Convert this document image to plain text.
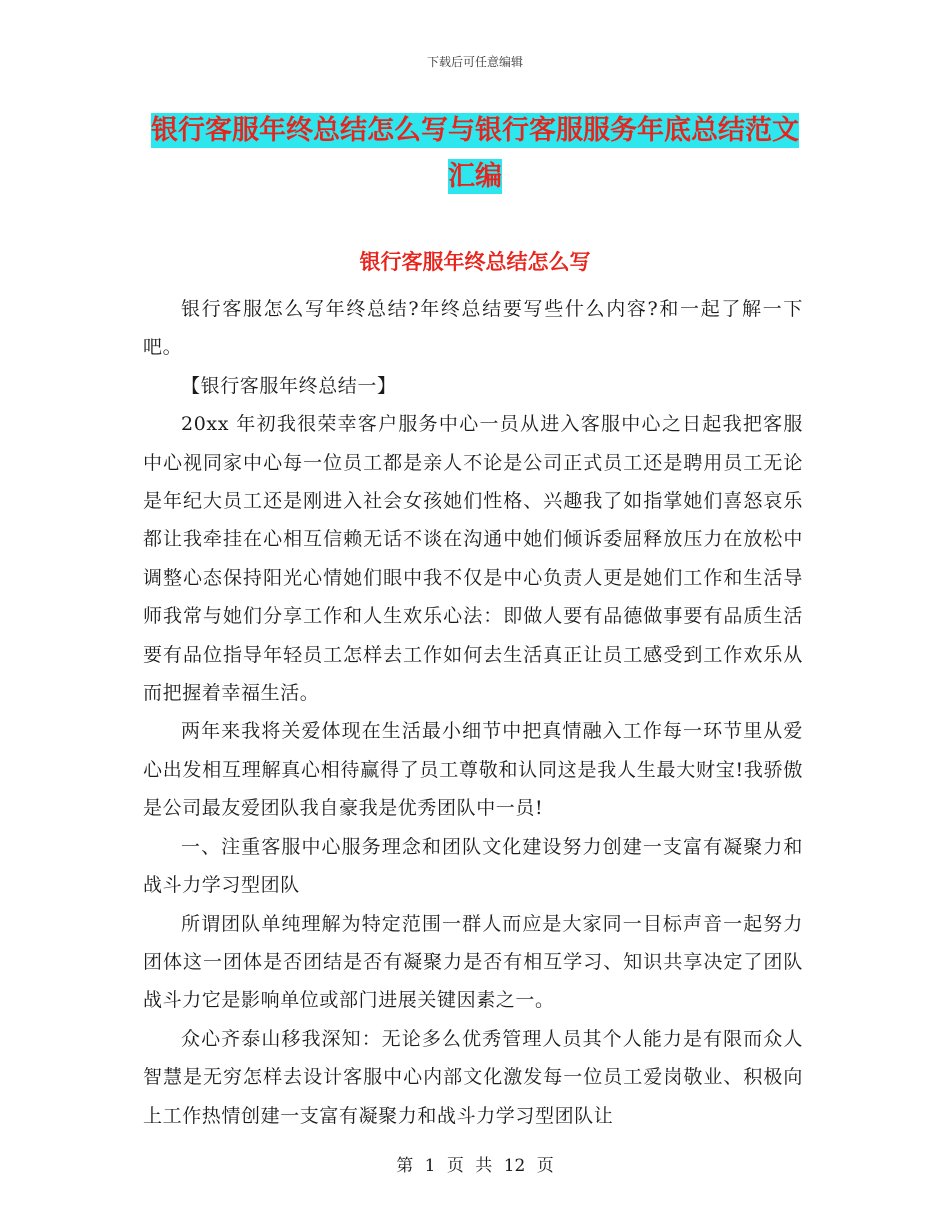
下载后可任意编辑
银行客服年终总结怎么写与银行客服服务年底总结范文汇编
银行客服年终总结怎么写

银行客服怎么写年终总结?年终总结要写些什么内容?和一起了解一下吧。

【银行客服年终总结一】

20xx 年初我很荣幸客户服务中心一员从进入客服中心之日起我把客服中心视同家中心每一位员工都是亲人不论是公司正式员工还是聘用员工无论是年纪大员工还是刚进入社会女孩她们性格、兴趣我了如指掌她们喜怒哀乐都让我牵挂在心相互信赖无话不谈在沟通中她们倾诉委屈释放压力在放松中调整心态保持阳光心情她们眼中我不仅是中心负责人更是她们工作和生活导师我常与她们分享工作和人生欢乐心法：即做人要有品德做事要有品质生活要有品位指导年轻员工怎样去工作如何去生活真正让员工感受到工作欢乐从而把握着幸福生活。

两年来我将关爱体现在生活最小细节中把真情融入工作每一环节里从爱心出发相互理解真心相待赢得了员工尊敬和认同这是我人生最大财宝!我骄傲是公司最友爱团队我自豪我是优秀团队中一员!

一、注重客服中心服务理念和团队文化建设努力创建一支富有凝聚力和战斗力学习型团队

所谓团队单纯理解为特定范围一群人而应是大家同一目标声音一起努力团体这一团体是否团结是否有凝聚力是否有相互学习、知识共享决定了团队战斗力它是影响单位或部门进展关键因素之一。

众心齐泰山移我深知：无论多么优秀管理人员其个人能力是有限而众人智慧是无穷怎样去设计客服中心内部文化激发每一位员工爱岗敬业、积极向上工作热情创建一支富有凝聚力和战斗力学习型团队让

第 1 页 共 12 页
